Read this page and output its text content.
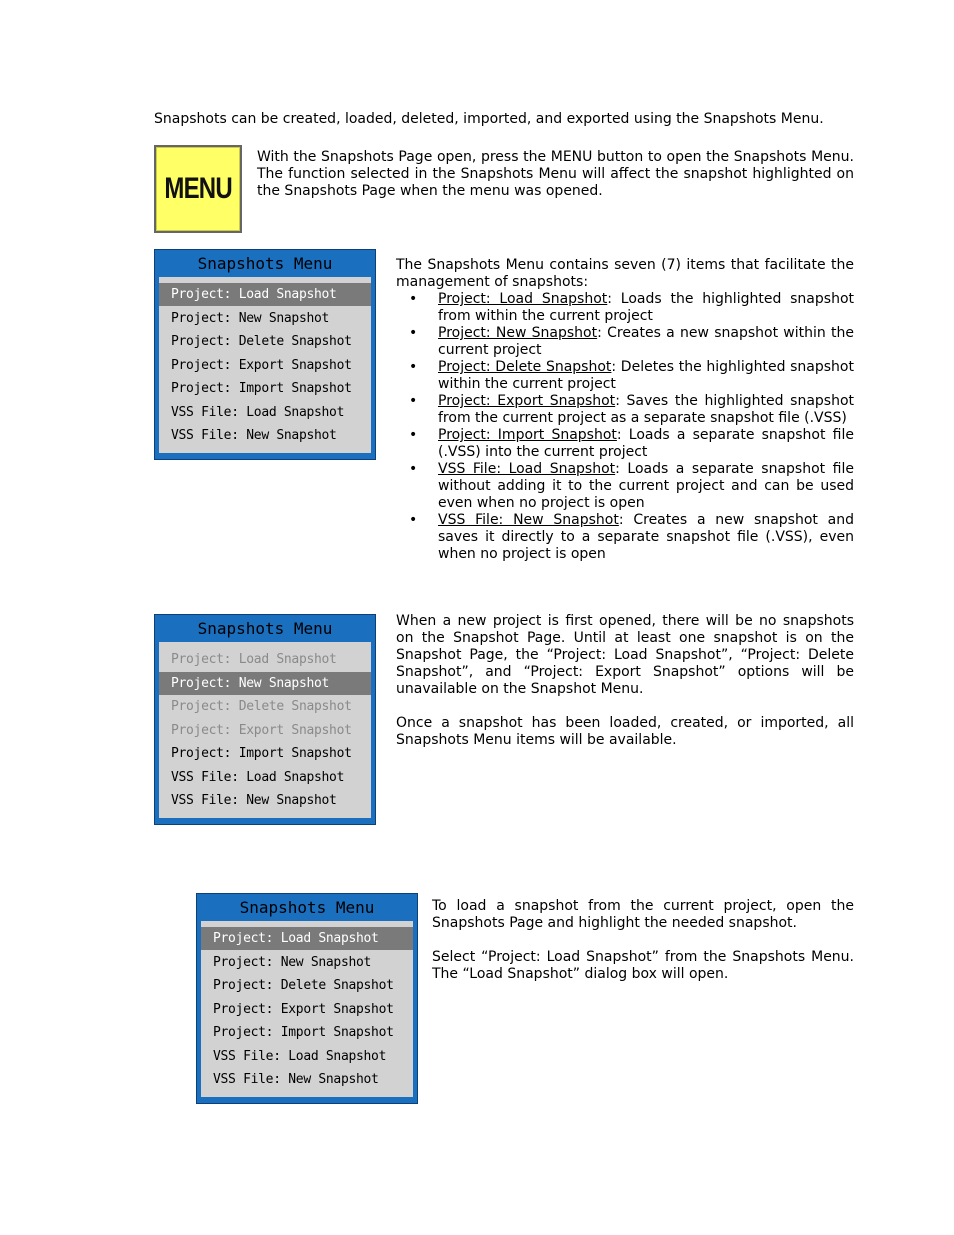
Snapshots can be created, loaded, deleted, imported, and exported using the Snapshots Menu.

MENU

With the Snapshots Page open, press the MENU button to open the Snapshots Menu. The function selected in the Snapshots Menu will affect the snapshot highlighted on the Snapshots Page when the menu was opened.

Snapshots Menu
Project: Load Snapshot
Project: New Snapshot
Project: Delete Snapshot
Project: Export Snapshot
Project: Import Snapshot
VSS File: Load Snapshot
VSS File: New Snapshot

The Snapshots Menu contains seven (7) items that facilitate the management of snapshots:

• Project: Load Snapshot: Loads the highlighted snapshot from within the current project
• Project: New Snapshot: Creates a new snapshot within the current project
• Project: Delete Snapshot: Deletes the highlighted snapshot within the current project
• Project: Export Snapshot: Saves the highlighted snapshot from the current project as a separate snapshot file (.VSS)
• Project: Import Snapshot: Loads a separate snapshot file (.VSS) into the current project
• VSS File: Load Snapshot: Loads a separate snapshot file without adding it to the current project and can be used even when no project is open
• VSS File: New Snapshot: Creates a new snapshot and saves it directly to a separate snapshot file (.VSS), even when no project is open
Snapshots Menu
Project: Load Snapshot
Project: New Snapshot
Project: Delete Snapshot
Project: Export Snapshot
Project: Import Snapshot
VSS File: Load Snapshot
VSS File: New Snapshot

When a new project is first opened, there will be no snapshots on the Snapshot Page. Until at least one snapshot is on the Snapshot Page, the “Project: Load Snapshot”, “Project: Delete Snapshot”, and “Project: Export Snapshot” options will be unavailable on the Snapshot Menu.

Once a snapshot has been loaded, created, or imported, all Snapshots Menu items will be available.

Snapshots Menu
Project: Load Snapshot
Project: New Snapshot
Project: Delete Snapshot
Project: Export Snapshot
Project: Import Snapshot
VSS File: Load Snapshot
VSS File: New Snapshot

To load a snapshot from the current project, open the Snapshots Page and highlight the needed snapshot.

Select “Project: Load Snapshot” from the Snapshots Menu. The “Load Snapshot” dialog box will open.
